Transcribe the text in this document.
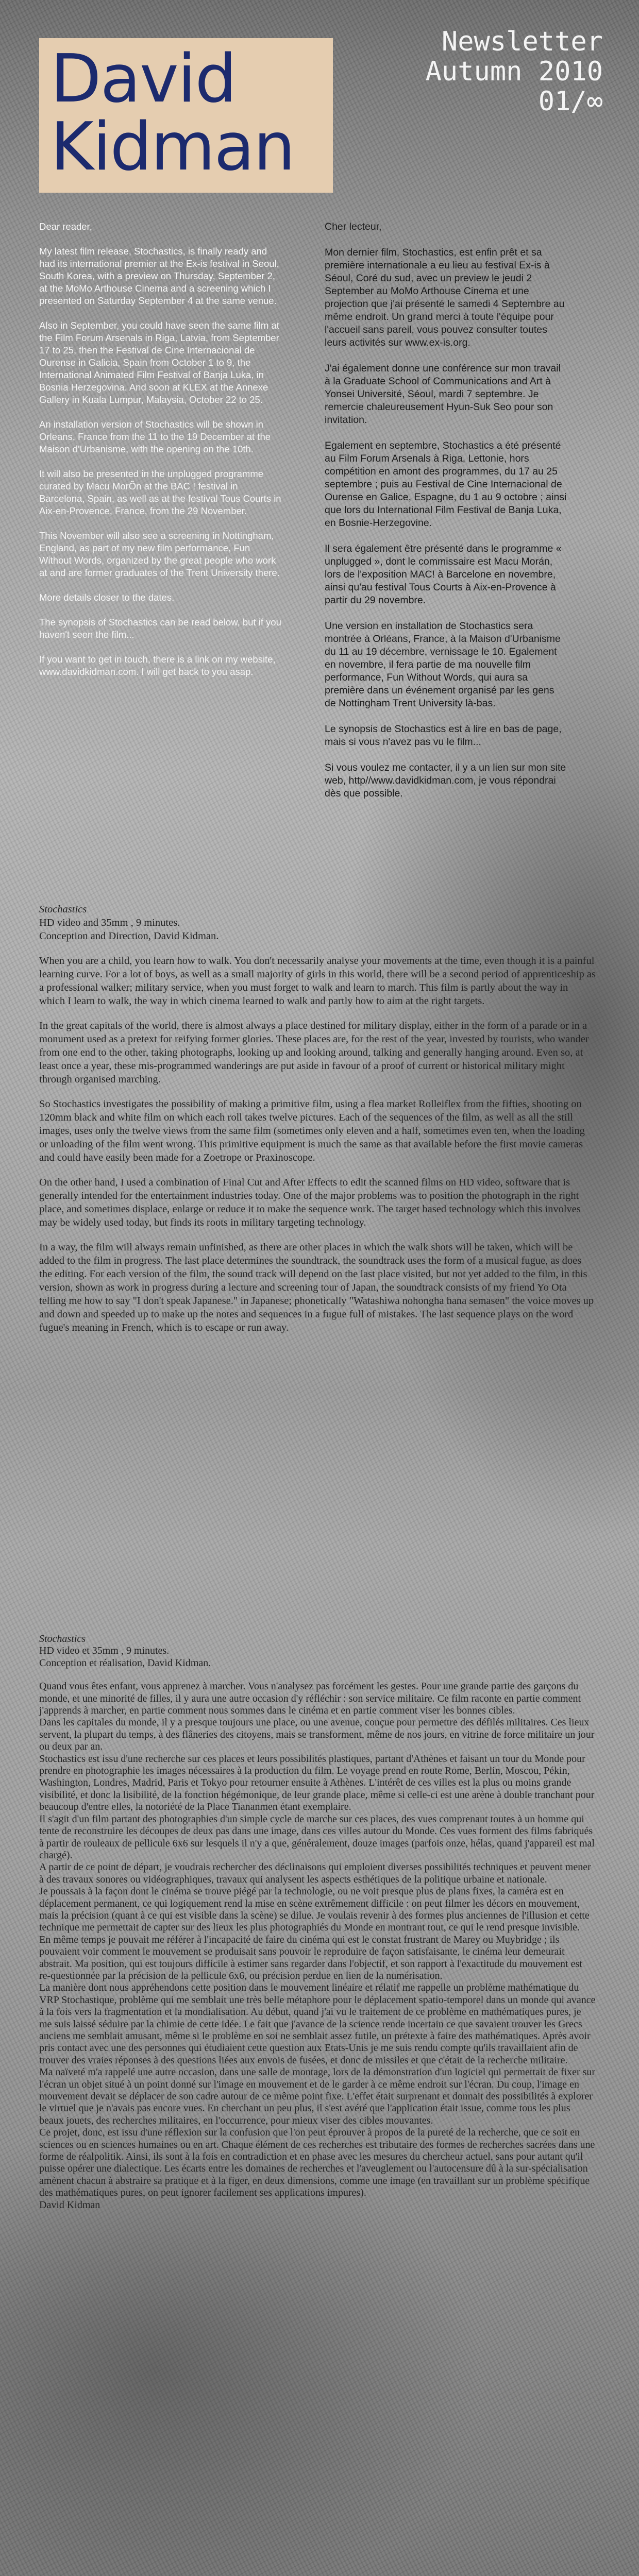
David
Kidman
Newsletter
Autumn 2010
01/∞

Dear reader,

My latest film release, Stochastics, is finally ready and had its international premier at the Ex-is festival in Seoul, South Korea, with a preview on Thursday, September 2, at the MoMo Arthouse Cinema and a screening which I presented on Saturday September 4 at the same venue.

Also in September, you could have seen the same film at the Film Forum Arsenals in Riga, Latvia, from September 17 to 25, then the Festival de Cine Internacional de Ourense in Galicia, Spain from October 1 to 9, the International Animated Film Festival of Banja Luka, in Bosnia Herzegovina. And soon at KLEX at the Annexe Gallery in Kuala Lumpur, Malaysia, October 22 to 25.

An installation version of Stochastics will be shown in Orleans, France from the 11 to the 19 December at the Maison d'Urbanisme, with the opening on the 10th.

It will also be presented in the unplugged programme curated by Macu MorÕn at the BAC ! festival in Barcelona, Spain, as well as at the festival Tous Courts in Aix-en-Provence, France, from the 29 November.

This November will also see a screening in Nottingham, England, as part of my new film performance, Fun Without Words, organized by the great people who work at and are former graduates of the Trent University there.

More details closer to the dates.

The synopsis of Stochastics can be read below, but if you haven't seen the film...

If you want to get in touch, there is a link on my website, www.davidkidman.com. I will get back to you asap.

Cher lecteur,

Mon dernier film, Stochastics, est enfin prêt et sa première internationale a eu lieu au festival Ex-is à Séoul, Coré du sud, avec un preview le jeudi 2 September au MoMo Arthouse Cinema et une projection que j'ai présenté le samedi 4 Septembre au même endroit. Un grand merci à toute l'équipe pour l'accueil sans pareil, vous pouvez consulter toutes leurs activités sur www.ex-is.org.

J'ai également donne une conférence sur mon travail à la Graduate School of Communications and Art à Yonsei Université, Séoul, mardi 7 septembre. Je remercie chaleureusement Hyun-Suk Seo pour son invitation.

Egalement en septembre, Stochastics a été présenté au Film Forum Arsenals à Riga, Lettonie, hors compétition en amont des programmes, du 17 au 25 septembre ; puis au Festival de Cine Internacional de Ourense en Galice, Espagne, du 1 au 9 octobre ; ainsi que lors du International Film Festival de Banja Luka, en Bosnie-Herzegovine.

Il sera également être présenté dans le programme « unplugged », dont le commissaire est Macu Morán, lors de l'exposition MAC! à Barcelone en novembre, ainsi qu'au festival Tous Courts à Aix-en-Provence à partir du 29 novembre.

Une version en installation de Stochastics sera montrée à Orléans, France, à la Maison d'Urbanisme du 11 au 19 décembre, vernissage le 10. Egalement en novembre, il fera partie de ma nouvelle film performance, Fun Without Words, qui aura sa première dans un événement organisé par les gens de Nottingham Trent University là-bas.

Le synopsis de Stochastics est à lire en bas de page, mais si vous n'avez pas vu le film...

Si vous voulez me contacter, il y a un lien sur mon site web, http//www.davidkidman.com, je vous répondrai dès que possible.

Stochastics
HD video and 35mm , 9 minutes.
Conception and Direction, David Kidman.

When you are a child, you learn how to walk. You don't necessarily analyse your movements at the time, even though it is a painful learning curve. For a lot of boys, as well as a small majority of girls in this world, there will be a second period of apprenticeship as a professional walker; military service, when you must forget to walk and learn to march. This film is partly about the way in which I learn to walk, the way in which cinema learned to walk and partly how to aim at the right targets.

In the great capitals of the world, there is almost always a place destined for military display, either in the form of a parade or in a monument used as a pretext for reifying former glories. These places are, for the rest of the year, invested by tourists, who wander from one end to the other, taking photographs, looking up and looking around, talking and generally hanging around. Even so, at least once a year, these mis-programmed wanderings are put aside in favour of a proof of current or historical military might through organised marching.

So Stochastics investigates the possibility of making a primitive film, using a flea market Rolleiflex from the fifties, shooting on 120mm black and white film on which each roll takes twelve pictures. Each of the sequences of the film, as well as all the still images, uses only the twelve views from the same film (sometimes only eleven and a half, sometimes even ten, when the loading or unloading of the film went wrong. This primitive equipment is much the same as that available before the first movie cameras and could have easily been made for a Zoetrope or Praxinoscope.

On the other hand, I used a combination of Final Cut and After Effects to edit the scanned films on HD video, software that is generally intended for the entertainment industries today. One of the major problems was to position the photograph in the right place, and sometimes displace, enlarge or reduce it to make the sequence work. The target based technology which this involves may be widely used today, but finds its roots in military targeting technology.

In a way, the film will always remain unfinished, as there are other places in which the walk shots will be taken, which will be added to the film in progress. The last place determines the soundtrack, the soundtrack uses the form of a musical fugue, as does the editing. For each version of the film, the sound track will depend on the last place visited, but not yet added to the film, in this version, shown as work in progress during a lecture and screening tour of Japan, the soundtrack consists of my friend Yo Ota telling me how to say "I don't speak Japanese." in Japanese; phonetically "Watashiwa nohongha hana semasen" the voice moves up and down and speeded up to make up the notes and sequences in a fugue full of mistakes. The last sequence plays on the word fugue's meaning in French, which is to escape or run away.

Stochastics
HD video et 35mm , 9 minutes.
Conception et réalisation, David Kidman.

Quand vous êtes enfant, vous apprenez à marcher. Vous n'analysez pas forcément les gestes. Pour une grande partie des garçons du monde, et une minorité de filles, il y aura une autre occasion d'y réfléchir : son service militaire. Ce film raconte en partie comment j'apprends à marcher, en partie comment nous sommes dans le cinéma et en partie comment viser les bonnes cibles.

Dans les capitales du monde, il y a presque toujours une place, ou une avenue, conçue pour permettre des défilés militaires. Ces lieux servent, la plupart du temps, à des flâneries des citoyens, mais se transforment, même de nos jours, en vitrine de force militaire un jour ou deux par an.

Stochastics est issu d'une recherche sur ces places et leurs possibilités plastiques, partant d'Athènes et faisant un tour du Monde pour prendre en photographie les images nécessaires à la production du film. Le voyage prend en route Rome, Berlin, Moscou, Pékin, Washington, Londres, Madrid, Paris et Tokyo pour retourner ensuite à Athènes. L'intérêt de ces villes est la plus ou moins grande visibilité, et donc la lisibilité, de la fonction hégémonique, de leur grande place, même si celle-ci est une arène à double tranchant pour beaucoup d'entre elles, la notoriété de la Place Tiananmen étant exemplaire.

Il s'agit d'un film partant des photographies d'un simple cycle de marche sur ces places, des vues comprenant toutes à un homme qui tente de reconstruire les découpes de deux pas dans une image, dans ces villes autour du Monde. Ces vues forment des films fabriqués à partir de rouleaux de pellicule 6x6 sur lesquels il n'y a que, généralement, douze images (parfois onze, hélas, quand j'appareil est mal chargé).

A partir de ce point de départ, je voudrais rechercher des déclinaisons qui emploient diverses possibilités techniques et peuvent mener à des travaux sonores ou vidéographiques, travaux qui analysent les aspects esthétiques de la politique urbaine et nationale.

Je poussais à la façon dont le cinéma se trouve piégé par la technologie, ou ne voit presque plus de plans fixes, la caméra est en déplacement permanent, ce qui logiquement rend la mise en scène extrêmement difficile : on peut filmer les décors en mouvement, mais la précision (quant à ce qui est visible dans la scène) se dilue. Je voulais revenir à des formes plus anciennes de l'illusion et cette technique me permettait de capter sur des lieux les plus photographiés du Monde en montrant tout, ce qui le rend presque invisible.

En même temps je pouvait me référer à l'incapacité de faire du cinéma qui est le constat frustrant de Marey ou Muybridge ; ils pouvaient voir comment le mouvement se produisait sans pouvoir le reproduire de façon satisfaisante, le cinéma leur demeurait abstrait. Ma position, qui est toujours difficile à estimer sans regarder dans l'objectif, et son rapport à l'exactitude du mouvement est re-questionnée par la précision de la pellicule 6x6, ou précision perdue en lien de la numérisation.

La manière dont nous appréhendons cette position dans le mouvement linéaire et rélatif me rappelle un problème mathématique du VRP Stochastique, problème qui me semblait une très belle métaphore pour le déplacement spatio-temporel dans un monde qui avance à la fois vers la fragmentation et la mondialisation. Au début, quand j'ai vu le traitement de ce problème en mathématiques pures, je me suis laissé séduire par la chimie de cette idée. Le fait que j'avance de la science rende incertain ce que savaient trouver les Grecs anciens me semblait amusant, même si le problème en soi ne semblait assez futile, un prétexte à faire des mathématiques. Après avoir pris contact avec une des personnes qui étudiaient cette question aux Etats-Unis je me suis rendu compte qu'ils travaillaient afin de trouver des vraies réponses à des questions liées aux envois de fusées, et donc de missiles et que c'était de la recherche militaire.

Ma naïveté m'a rappelé une autre occasion, dans une salle de montage, lors de la démonstration d'un logiciel qui permettait de fixer sur l'écran un objet situé à un point donné sur l'image en mouvement et de le garder à ce même endroit sur l'écran. Du coup, l'image en mouvement devait se déplacer de son cadre autour de ce même point fixe. L'effet était surprenant et donnait des possibilités à explorer le virtuel que je n'avais pas encore vues. En cherchant un peu plus, il s'est avéré que l'application était issue, comme tous les plus beaux jouets, des recherches militaires, en l'occurrence, pour mieux viser des cibles mouvantes.

Ce projet, donc, est issu d'une réflexion sur la confusion que l'on peut éprouver à propos de la pureté de la recherche, que ce soit en sciences ou en sciences humaines ou en art. Chaque élément de ces recherches est tributaire des formes de recherches sacrées dans une forme de réalpolitik. Ainsi, ils sont à la fois en contradiction et en phase avec les mesures du chercheur actuel, sans pour autant qu'il puisse opérer une dialectique. Les écarts entre les domaines de recherches et l'aveuglement ou l'autocensure dû à la sur-spécialisation amènent chacun à abstraire sa pratique et à la figer, en deux dimensions, comme une image (en travaillant sur un problème spécifique des mathématiques pures, on peut ignorer facilement ses applications impures).

David Kidman
